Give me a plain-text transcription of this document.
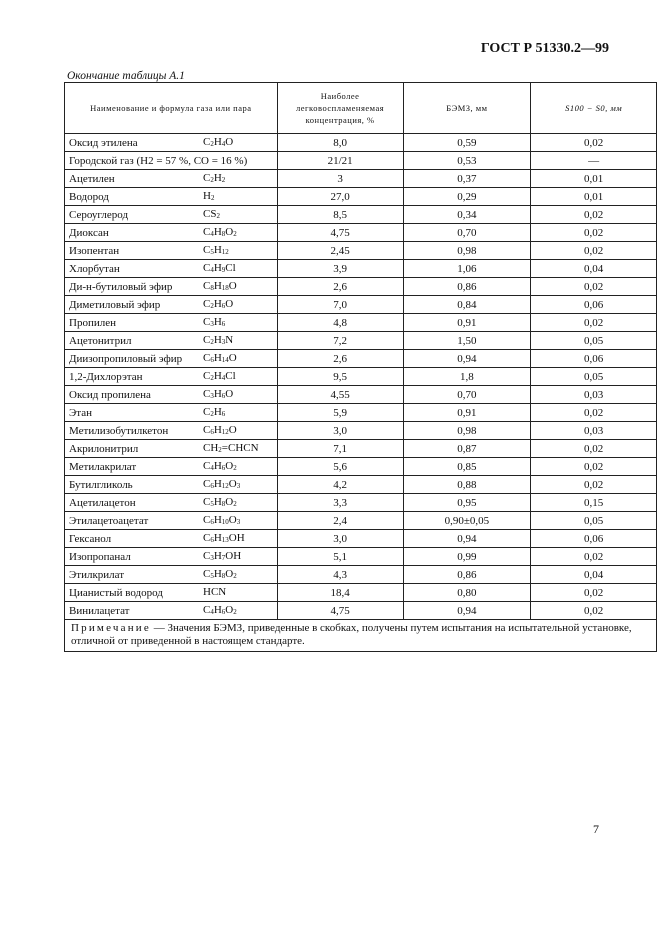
ГОСТ Р 51330.2—99
Окончание таблицы А.1
Наименование и формула газа или пара	Наиболее легковоспламеняемая концентрация, %	БЭМЗ, мм	S100 − S0, мм
Оксид этилена $C_2H_4O$	8,0	0,59	0,02
Городской газ (H2 = 57 %, CO = 16 %)	21/21	0,53	—
Ацетилен $C_2H_2$	3	0,37	0,01
Водород $H_2$	27,0	0,29	0,01
Сероуглерод $CS_2$	8,5	0,34	0,02
Диоксан $C_4H_8O_2$	4,75	0,70	0,02
Изопентан $C_5H_{12}$	2,45	0,98	0,02
Хлорбутан $C_4H_9Cl$	3,9	1,06	0,04
Ди-н-бутиловый эфир $C_8H_{18}O$	2,6	0,86	0,02
Диметиловый эфир $C_2H_6O$	7,0	0,84	0,06
Пропилен $C_3H_6$	4,8	0,91	0,02
Ацетонитрил $C_2H_3N$	7,2	1,50	0,05
Диизопропиловый эфир $C_6H_{14}O$	2,6	0,94	0,06
1,2-Дихлорэтан $C_2H_4Cl$	9,5	1,8	0,05
Оксид пропилена $C_3H_6O$	4,55	0,70	0,03
Этан $C_2H_6$	5,9	0,91	0,02
Метилизобутилкетон $C_6H_{12}O$	3,0	0,98	0,03
Акрилонитрил $CH_2=CHCN$	7,1	0,87	0,02
Метилакрилат $C_4H_6O_2$	5,6	0,85	0,02
Бутилгликоль $C_6H_{12}O_3$	4,2	0,88	0,02
Ацетилацетон $C_5H_8O_2$	3,3	0,95	0,15
Этилацетоацетат $C_6H_{10}O_3$	2,4	0,90±0,05	0,05
Гексанол $C_6H_{13}OH$	3,0	0,94	0,06
Изопропанал $C_3H_7OH$	5,1	0,99	0,02
Этилкрилат $C_5H_8O_2$	4,3	0,86	0,04
Цианистый водород HCN	18,4	0,80	0,02
Винилацетат $C_4H_6O_2$	4,75	0,94	0,02
Примечание — Значения БЭМЗ, приведенные в скобках, получены путем испытания на испытательной установке, отличной от приведенной в настоящем стандарте.			
7
